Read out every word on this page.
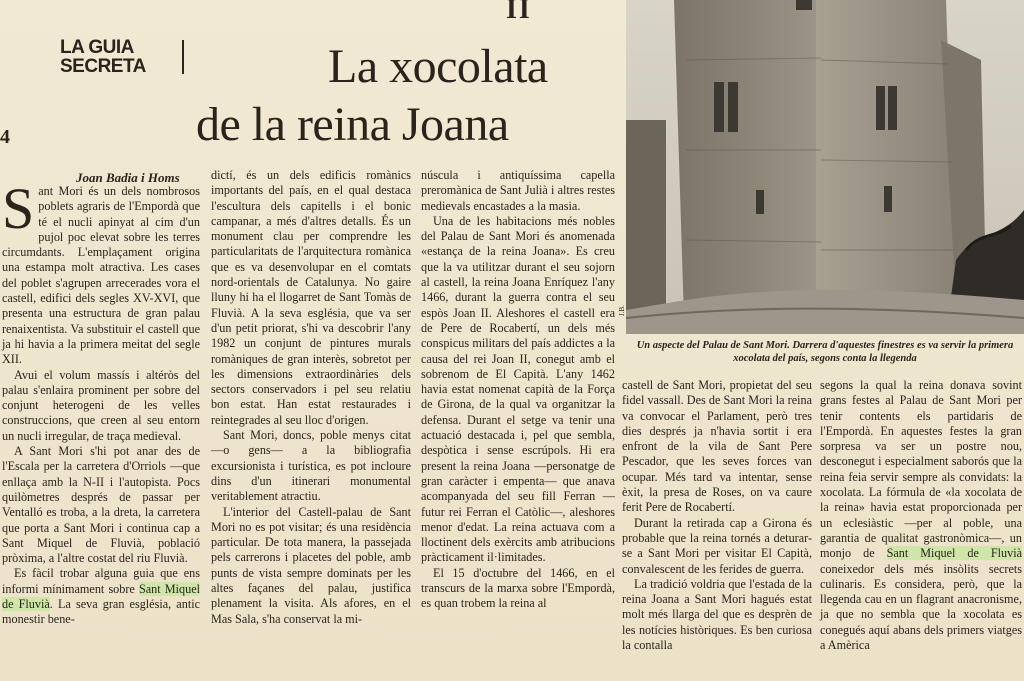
II
4
LA GUIA
SECRETA	La xocolata
de la reina Joana
Joan Badia i Homs

Sant Mori és un dels nombrosos poblets agraris de l'Empordà que té el nucli apinyat al cim d'un pujol poc elevat sobre les terres circumdants. L'emplaçament origina una estampa molt atractiva. Les cases del poblet s'agrupen arrecerades vora el castell, edifici dels segles XV-XVI, que presenta una estructura de gran palau renaixentista. Va substituir el castell que ja hi havia a la primera meitat del segle XII.

Avui el volum massís i altéròs del palau s'enlaira prominent per sobre del conjunt heterogeni de les velles construccions, que creen al seu entorn un nucli irregular, de traça medieval.

A Sant Mori s'hi pot anar des de l'Escala per la carretera d'Orriols —que enllaça amb la N-II i l'autopista. Pocs quilòmetres després de passar per Ventalló es troba, a la dreta, la carretera que porta a Sant Mori i continua cap a Sant Miquel de Fluvià, població pròxima, a l'altre costat del riu Fluvià.

Es fàcil trobar alguna guia que ens informi mínimament sobre Sant Miquel de Fluvià. La seva gran església, antic monestir bene-

dictí, és un dels edificis romànics importants del país, en el qual destaca l'escultura dels capitells i el bonic campanar, a més d'altres detalls. És un monument clau per comprendre les particularitats de l'arquitectura romànica que es va desenvolupar en el comtats nord-orientals de Catalunya. No gaire lluny hi ha el llogarret de Sant Tomàs de Fluvià. A la seva església, que va ser d'un petit priorat, s'hi va descobrir l'any 1982 un conjunt de pintures murals romàniques de gran interès, sobretot per les dimensions extraordinàries dels sectors conservadors i pel seu relatiu bon estat. Han estat restaurades i reintegrades al seu lloc d'origen.

Sant Mori, doncs, poble menys citat —o gens— a la bibliografia excursionista i turística, es pot incloure dins d'un itinerari monumental veritablement atractiu.

L'interior del Castell-palau de Sant Mori no es pot visitar; és una residència particular. De tota manera, la passejada pels carrerons i placetes del poble, amb punts de vista sempre dominats per les altes façanes del palau, justifica plenament la visita. Als afores, en el Mas Sala, s'ha conservat la mi-

núscula i antiquíssima capella preromànica de Sant Julià i altres restes medievals encastades a la masia.

Una de les habitacions més nobles del Palau de Sant Mori és anomenada «estança de la reina Joana». Es creu que la va utilitzar durant el seu sojorn al castell, la reina Joana Enríquez l'any 1466, durant la guerra contra el seu espòs Joan II. Aleshores el castell era de Pere de Rocabertí, un dels més conspicus militars del país addictes a la causa del rei Joan II, conegut amb el sobrenom de El Capità. L'any 1462 havia estat nomenat capità de la Força de Girona, de la qual va organitzar la defensa. Durant el setge va tenir una actuació destacada i, pel que sembla, despòtica i sense escrúpols. Hi era present la reina Joana —personatge de gran caràcter i empenta— que anava acompanyada del seu fill Ferran —futur rei Ferran el Catòlic—, aleshores menor d'edat. La reina actuava com a lloctinent dels exèrcits amb atribucions pràcticament il·limitades.

El 15 d'octubre del 1466, en el transcurs de la marxa sobre l'Empordà, es quan trobem la reina al

J.B.

Un aspecte del Palau de Sant Mori. Darrera d'aquestes finestres es va servir la primera xocolata del país, segons conta la llegenda

castell de Sant Mori, propietat del seu fidel vassall. Des de Sant Mori la reina va convocar el Parlament, però tres dies després ja n'havia sortit i era enfront de la vila de Sant Pere Pescador, que les seves forces van ocupar. Més tard va intentar, sense èxit, la presa de Roses, on va caure ferit Pere de Rocabertí.

Durant la retirada cap a Girona és probable que la reina tornés a deturar-se a Sant Mori per visitar El Capità, convalescent de les ferides de guerra.

La tradició voldria que l'estada de la reina Joana a Sant Mori hagués estat molt més llarga del que es desprèn de les notícies històriques. Es ben curiosa la contalla

segons la qual la reina donava sovint grans festes al Palau de Sant Mori per tenir contents els partidaris de l'Empordà. En aquestes festes la gran sorpresa va ser un postre nou, desconegut i especialment saborós que la reina feia servir sempre als convidats: la xocolata. La fórmula de «la xocolata de la reina» havia estat proporcionada per un eclesiàstic —per al poble, una garantia de qualitat gastronòmica—, un monjo de Sant Miquel de Fluvià coneixedor dels més insòlits secrets culinaris. Es considera, però, que la llegenda cau en un flagrant anacronisme, ja que no sembla que la xocolata es conegués aquí abans dels primers viatges a Amèrica
